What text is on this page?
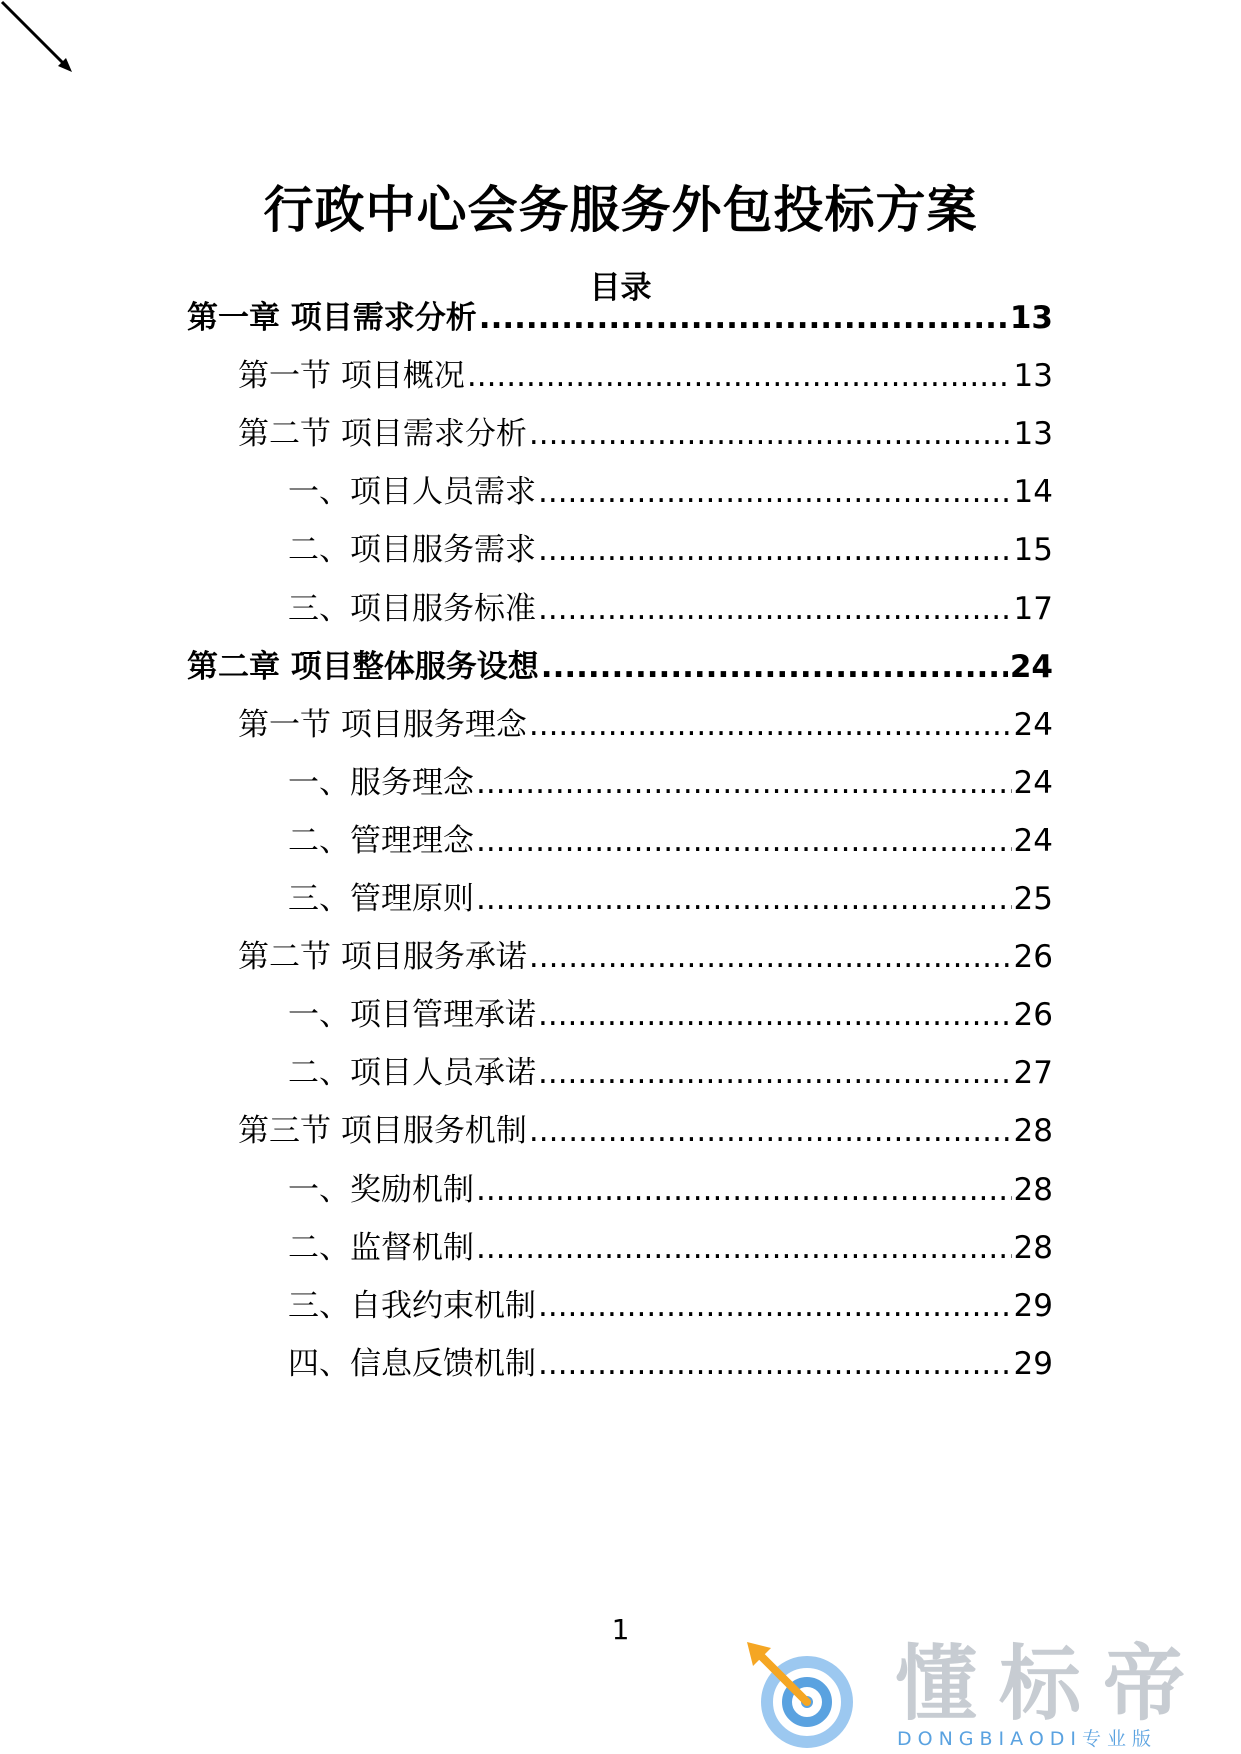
行政中心会务服务外包投标方案
目录
第一章 项目需求分析 .....	13
第一节 项目概况 .....	13
第二节 项目需求分析 .....	13
一、项目人员需求 .....	14
二、项目服务需求 .....	15
三、项目服务标准 .....	17
第二章 项目整体服务设想 .....	24
第一节 项目服务理念 .....	24
一、服务理念 .....	24
二、管理理念 .....	24
三、管理原则 .....	25
第二节 项目服务承诺 .....	26
一、项目管理承诺 .....	26
二、项目人员承诺 .....	27
第三节 项目服务机制 .....	28
一、奖励机制 .....	28
二、监督机制 .....	28
三、自我约束机制 .....	29
四、信息反馈机制 .....	29
1
懂标帝
DONGBIAODI专业版
